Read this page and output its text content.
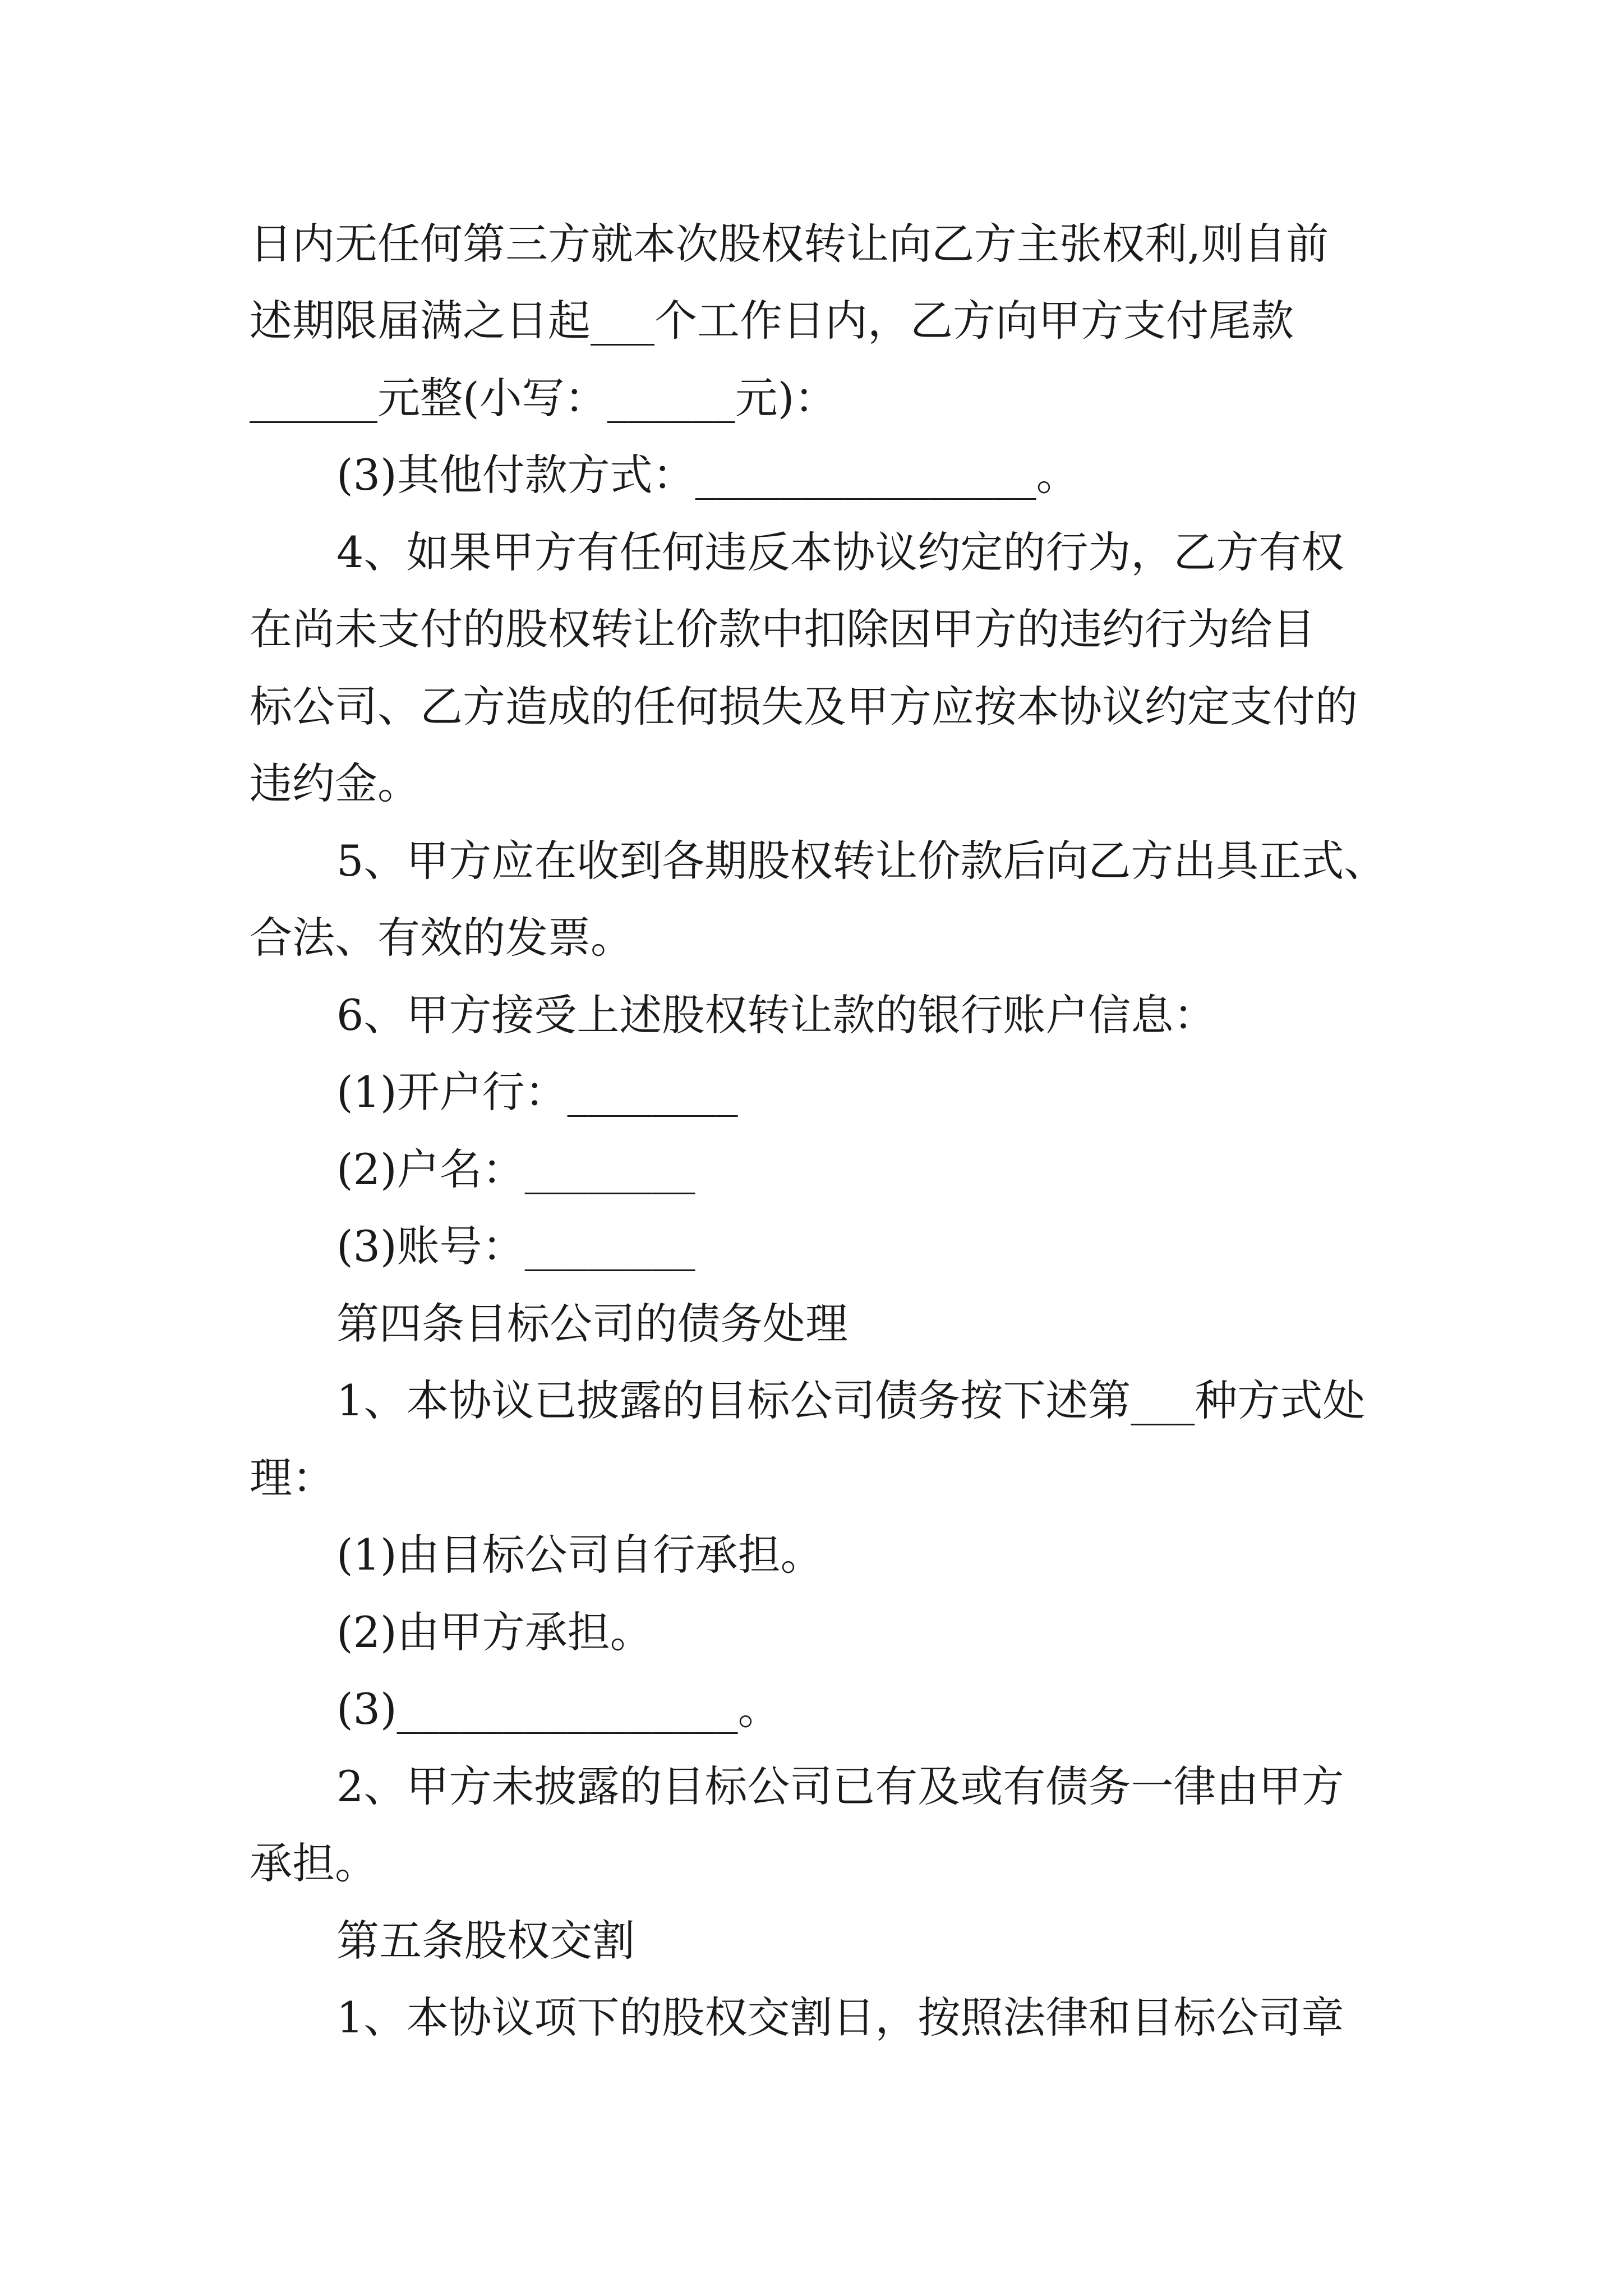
日内无任何第三方就本次股权转让向乙方主张权利,则自前
述期限届满之日起___个工作日内，乙方向甲方支付尾款
______元整(小写：______元)：
(3)其他付款方式：________________。
4、如果甲方有任何违反本协议约定的行为，乙方有权
在尚未支付的股权转让价款中扣除因甲方的违约行为给目
标公司、乙方造成的任何损失及甲方应按本协议约定支付的
违约金。
5、甲方应在收到各期股权转让价款后向乙方出具正式、
合法、有效的发票。
6、甲方接受上述股权转让款的银行账户信息：
(1)开户行：________
(2)户名：________
(3)账号：________
第四条目标公司的债务处理
1、本协议已披露的目标公司债务按下述第___种方式处
理：
(1)由目标公司自行承担。
(2)由甲方承担。
(3)________________。
2、甲方未披露的目标公司已有及或有债务一律由甲方
承担。
第五条股权交割
1、本协议项下的股权交割日，按照法律和目标公司章
